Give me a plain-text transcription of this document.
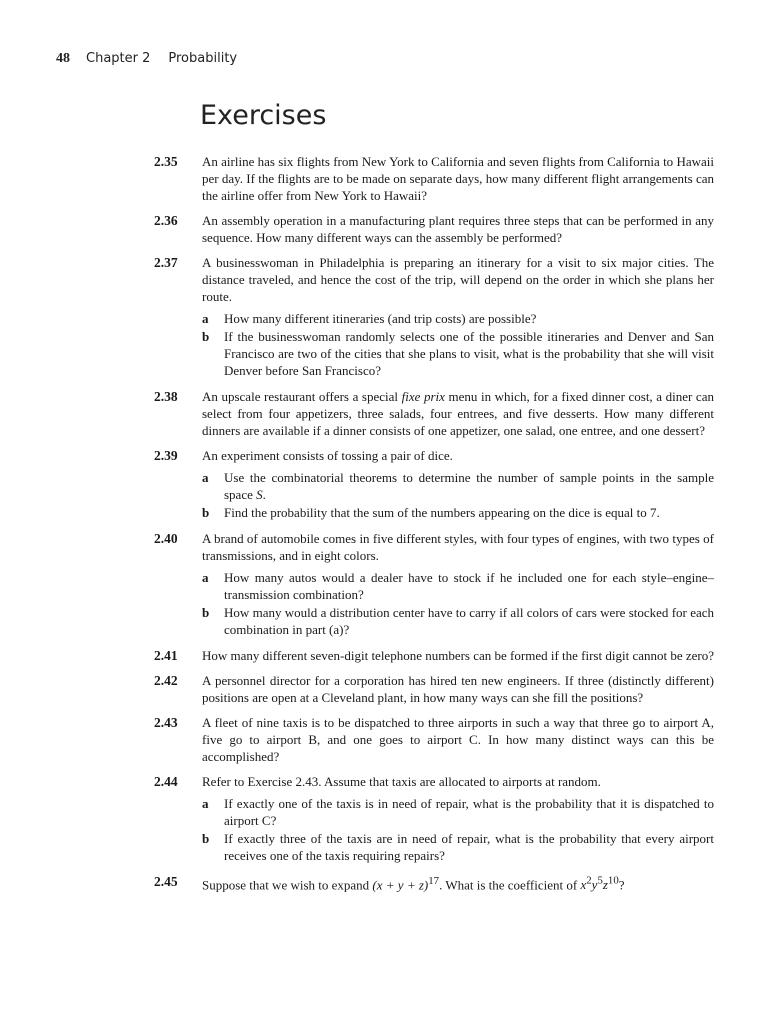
48 Chapter 2 Probability
Exercises
2.35	An airline has six flights from New York to California and seven flights from California to Hawaii per day. If the flights are to be made on separate days, how many different flight arrangements can the airline offer from New York to Hawaii?
2.36	An assembly operation in a manufacturing plant requires three steps that can be performed in any sequence. How many different ways can the assembly be performed?
2.37	A businesswoman in Philadelphia is preparing an itinerary for a visit to six major cities. The distance traveled, and hence the cost of the trip, will depend on the order in which she plans her route.
a	How many different itineraries (and trip costs) are possible?
b	If the businesswoman randomly selects one of the possible itineraries and Denver and San Francisco are two of the cities that she plans to visit, what is the probability that she will visit Denver before San Francisco?
2.38	An upscale restaurant offers a special fixe prix menu in which, for a fixed dinner cost, a diner can select from four appetizers, three salads, four entrees, and five desserts. How many different dinners are available if a dinner consists of one appetizer, one salad, one entree, and one dessert?
2.39	An experiment consists of tossing a pair of dice.
a	Use the combinatorial theorems to determine the number of sample points in the sample space S.
b	Find the probability that the sum of the numbers appearing on the dice is equal to 7.
2.40	A brand of automobile comes in five different styles, with four types of engines, with two types of transmissions, and in eight colors.
a	How many autos would a dealer have to stock if he included one for each style–engine–transmission combination?
b	How many would a distribution center have to carry if all colors of cars were stocked for each combination in part (a)?
2.41	How many different seven-digit telephone numbers can be formed if the first digit cannot be zero?
2.42	A personnel director for a corporation has hired ten new engineers. If three (distinctly different) positions are open at a Cleveland plant, in how many ways can she fill the positions?
2.43	A fleet of nine taxis is to be dispatched to three airports in such a way that three go to airport A, five go to airport B, and one goes to airport C. In how many distinct ways can this be accomplished?
2.44	Refer to Exercise 2.43. Assume that taxis are allocated to airports at random.
a	If exactly one of the taxis is in need of repair, what is the probability that it is dispatched to airport C?
b	If exactly three of the taxis are in need of repair, what is the probability that every airport receives one of the taxis requiring repairs?
2.45	Suppose that we wish to expand $(x + y + z)^{17}$. What is the coefficient of $x^2y^5z^{10}$?
